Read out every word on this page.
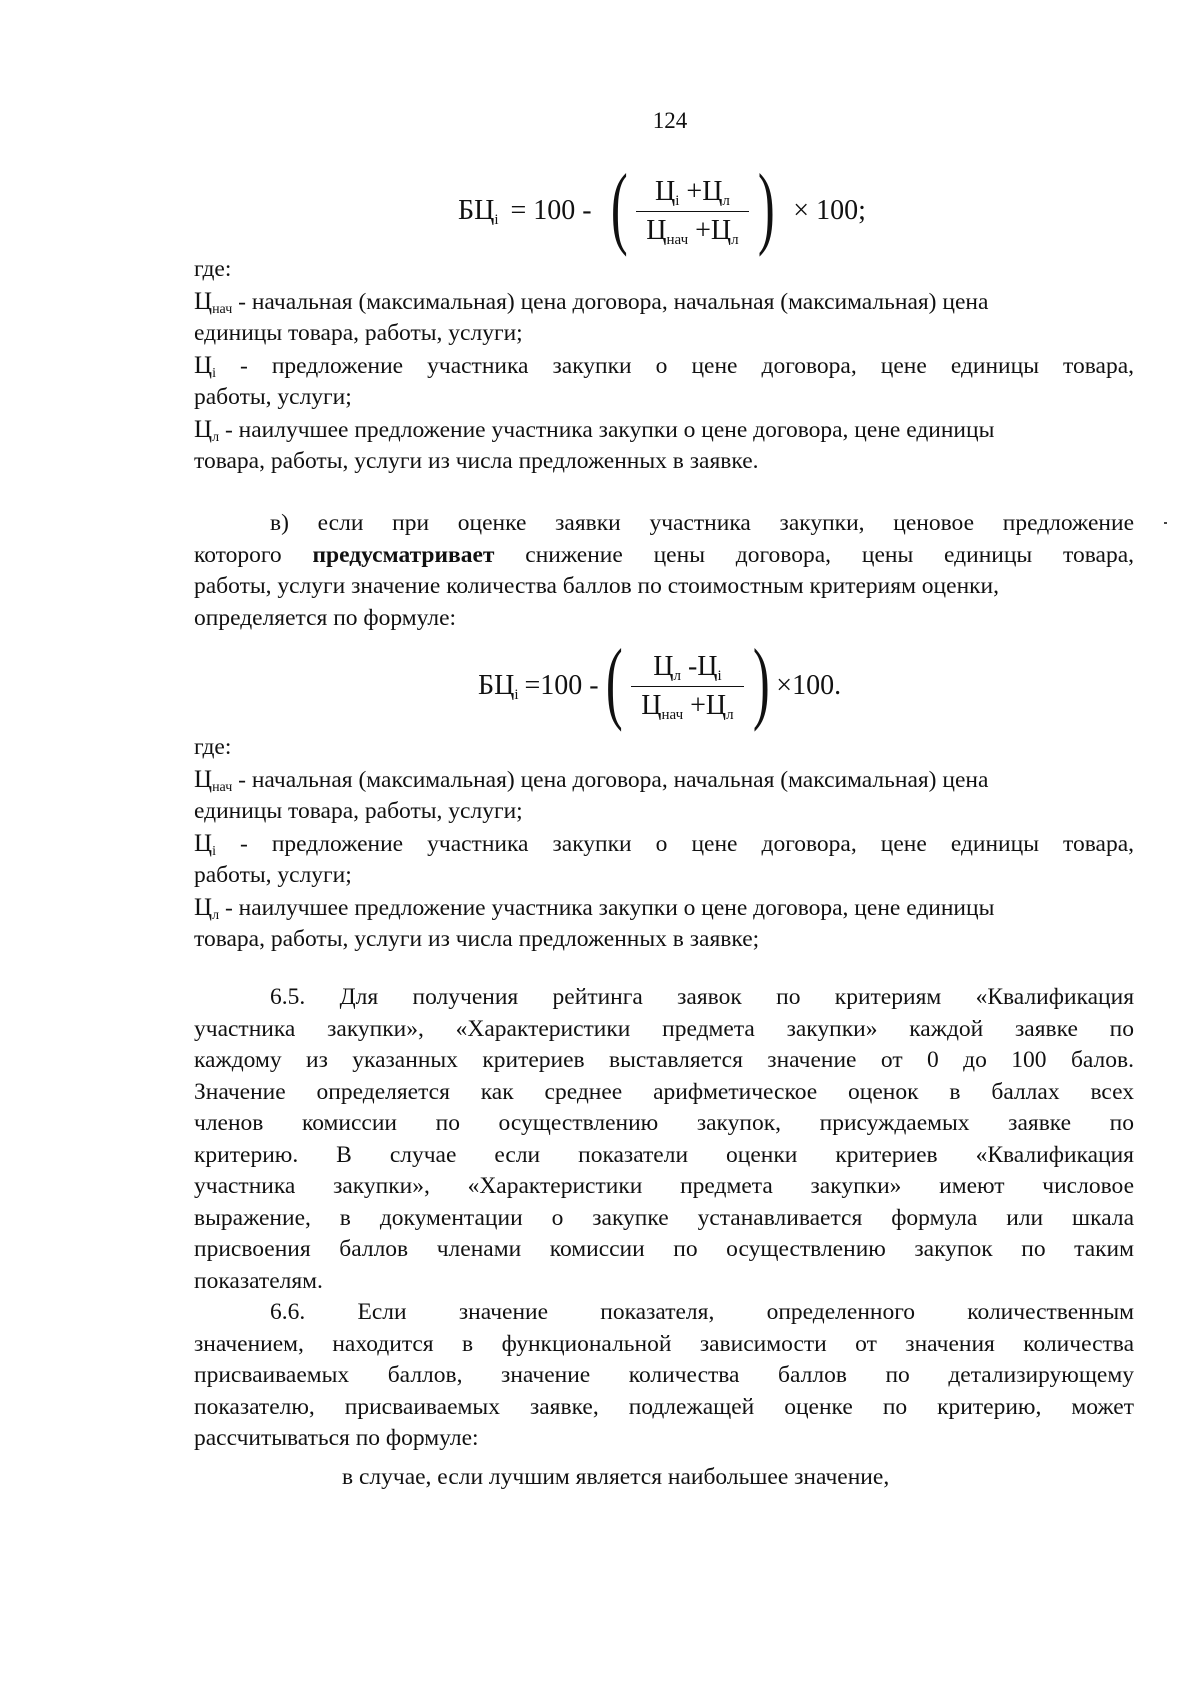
124
$БЦ_i = 100$ - ( $\frac{Ц_i +Ц_л}{Ц_{нач} +Ц_л}$ ) × 100;
где:
$Ц_{нач}$ - начальная (максимальная) цена договора, начальная (максимальная) цена
единицы товара, работы, услуги;
$Ц_i$ - предложение участника закупки о цене договора, цене единицы товара,
работы, услуги;
$Ц_л$ - наилучшее предложение участника закупки о цене договора, цене единицы
товара, работы, услуги из числа предложенных в заявке.
в) если при оценке заявки участника закупки, ценовое предложение
которого предусматривает снижение цены договора, цены единицы товара,
работы, услуги значение количества баллов по стоимостным критериям оценки,
определяется по формуле:
$БЦ_i =100$ - ( $\frac{Ц_л -Ц_i}{Ц_{нач} +Ц_л}$ ) ×100.
где:
$Ц_{нач}$ - начальная (максимальная) цена договора, начальная (максимальная) цена
единицы товара, работы, услуги;
$Ц_i$ - предложение участника закупки о цене договора, цене единицы товара,
работы, услуги;
$Ц_л$ - наилучшее предложение участника закупки о цене договора, цене единицы
товара, работы, услуги из числа предложенных в заявке;
6.5. Для получения рейтинга заявок по критериям «Квалификация
участника закупки», «Характеристики предмета закупки» каждой заявке по
каждому из указанных критериев выставляется значение от 0 до 100 балов.
Значение определяется как среднее арифметическое оценок в баллах всех
членов комиссии по осуществлению закупок, присуждаемых заявке по
критерию. В случае если показатели оценки критериев «Квалификация
участника закупки», «Характеристики предмета закупки» имеют числовое
выражение, в документации о закупке устанавливается формула или шкала
присвоения баллов членами комиссии по осуществлению закупок по таким
показателям.
6.6. Если значение показателя, определенного количественным
значением, находится в функциональной зависимости от значения количества
присваиваемых баллов, значение количества баллов по детализирующему
показателю, присваиваемых заявке, подлежащей оценке по критерию, может
рассчитываться по формуле:
в случае, если лучшим является наибольшее значение,
